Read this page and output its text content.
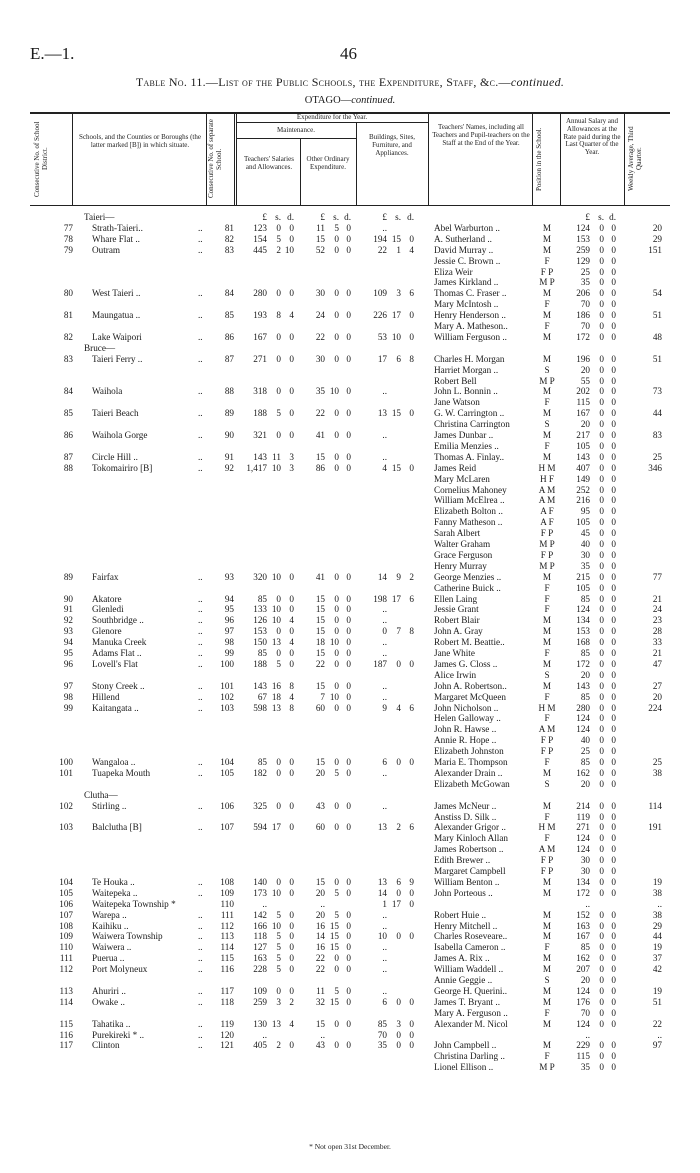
E.—1.	46
Table No. 11.—List of the Public Schools, the Expenditure, Staff, &c.—continued.
OTAGO—continued.
Consecutive No. of School District.
Schools, and the Counties or Boroughs (the latter marked [B]) in which situate.	Consecutive No. of separate School.
Expenditure for the Year.
Maintenance.
Teachers' Salaries and Allowances.
Other Ordinary Expenditure.
Buildings, Sites, Furniture, and Appliances.
Teachers' Names, including all Teachers and Pupil-teachers on the Staff at the End of the Year.	Position in the School.
Annual Salary and Allowances at the Rate paid during the Last Quarter of the Year.	Weekly Average, Third Quarter.
Taieri—	£ s. d.	£ s. d.	£ s. d.	£ s. d.
77 Strath-Taieri..	..	81	123	0 0	11	5 0	..	Abel Warburton ..	M	124	0 0	20
78 Whare Flat ..	..	82	154	5 0	15	0 0	194 15 0 A. Sutherland ..	M	153	0 0	29
79 Outram	..	83	445	2 10	52	0 0	22	1 4 David Murray ..	M	259	0 0	151
Jessie C. Brown ..	F	129	0 0
Eliza Weir	F P	25	0 0
James Kirkland ..	M P	35	0 0
80 West Taieri ..	..	84	280	0 0	30	0 0	109	3 6 Thomas C. Fraser ..	M	206	0 0	54
Mary McIntosh ..	F	70	0 0
81 Maungatua ..	..	85	193	8 4	24	0 0	226 17 0 Henry Henderson ..	M	186	0 0	51
Mary A. Matheson..	F	70	0 0
82 Lake Waipori	..	86	167	0 0	22	0 0	53 10 0 William Ferguson ..	M	172	0 0	48
Bruce—
83 Taieri Ferry ..	..	87	271	0 0	30	0 0	17	6 8 Charles H. Morgan	M	196	0 0	51
Harriet Morgan ..	S	20	0 0
Robert Bell	M P	55	0 0
84 Waihola	..	88	318	0 0	35 10 0	..	John L. Bonnin ..	M	202	0 0	73
Jane Watson	F	115	0 0
85 Taieri Beach	..	89	188	5 0	22	0 0	13 15 0 G. W. Carrington ..	M	167	0 0	44
Christina Carrington	S	20	0 0
86 Waihola Gorge	..	90	321	0 0	41	0 0	..	James Dunbar ..	M	217	0 0	83
Emilia Menzies ..	F	105	0 0
87 Circle Hill ..	..	91	143 11 3	15	0 0	..	Thomas A. Finlay..	M	143	0 0	25
88 Tokomairiro [B]	..	92	1,417 10 3	86	0 0	4 15 0 James Reid	H M	407	0 0	346
Mary McLaren	H F	149	0 0
Cornelius Mahoney	A M	252	0 0
William McElrea ..	A M	216	0 0
Elizabeth Bolton ..	A F	95	0 0
Fanny Matheson ..	A F	105	0 0
Sarah Albert	F P	45	0 0
Walter Graham	M P	40	0 0
Grace Ferguson	F P	30	0 0
Henry Murray	M P	35	0 0
89 Fairfax	..	93	320 10 0	41	0 0	14	9 2 George Menzies ..	M	215	0 0	77
Catherine Buick ..	F	105	0 0
90 Akatore	..	94	85	0 0	15	0 0	198 17 6 Ellen Laing	F	85	0 0	21
91 Glenledi	..	95	133 10 0	15	0 0	..	Jessie Grant	F	124	0 0	24
92 Southbridge ..	..	96	126 10 4	15	0 0	..	Robert Blair	M	134	0 0	23
93 Glenore	..	97	153	0 0	15	0 0	0	7 8 John A. Gray	M	153	0 0	28
94 Manuka Creek	..	98	150 13 4	18 10 0	..	Robert M. Beattie..	M	168	0 0	33
95 Adams Flat ..	..	99	85	0 0	15	0 0	..	Jane White	F	85	0 0	21
96 Lovell's Flat	..	100	188	5 0	22	0 0	187	0 0 James G. Closs ..	M	172	0 0	47
Alice Irwin	S	20	0 0
97 Stony Creek ..	..	101	143 16 8	15	0 0	..	John A. Robertson..	M	143	0 0	27
98 Hillend	..	102	67 18 4	7 10 0	..	Margaret McQueen	F	85	0 0	20
99 Kaitangata ..	..	103	598 13 8	60	0 0	9	4 6 John Nicholson ..	H M	280	0 0	224
Helen Galloway ..	F	124	0 0
John R. Hawse ..	A M	124	0 0
Annie R. Hope ..	F P	40	0 0
Elizabeth Johnston	F P	25	0 0
100 Wangaloa ..	..	104	85	0 0	15	0 0	6	0 0 Maria E. Thompson	F	85	0 0	25
101 Tuapeka Mouth	..	105	182	0 0	20	5 0	..	Alexander Drain ..	M	162	0 0	38
Elizabeth McGowan	S	20	0 0
Clutha—
102 Stirling ..	..	106	325	0 0	43	0 0	..	James McNeur ..	M	214	0 0	114
Anstiss D. Silk ..	F	119	0 0
103 Balclutha [B]	..	107	594 17 0	60	0 0	13	2 6 Alexander Grigor ..	H M	271	0 0	191
Mary Kinloch Allan	F	124	0 0
James Robertson ..	A M	124	0 0
Edith Brewer ..	F P	30	0 0
Margaret Campbell	F P	30	0 0
104 Te Houka ..	..	108	140	0 0	15	0 0	13	6 9 William Benton ..	M	134	0 0	19
105 Waitepeka ..	..	109	173 10 0	20	5 0	14	0 0 John Porteous ..	M	172	0 0	38
106 Waitepeka Township *	110	..	..	1 17 0	..	..
107 Warepa ..	..	111	142	5 0	20	5 0	..	Robert Huie ..	M	152	0 0	38
108 Kaihiku ..	..	112	166 10 0	16 15 0	..	Henry Mitchell ..	M	163	0 0	29
109 Waiwera Township	..	113	118	5 0	14 15 0	10	0 0 Charles Roseveare..	M	167	0 0	44
110 Waiwera ..	..	114	127	5 0	16 15 0	..	Isabella Cameron ..	F	85	0 0	19
111 Puerua ..	..	115	163	5 0	22	0 0	..	James A. Rix ..	M	162	0 0	37
112 Port Molyneux	..	116	228	5 0	22	0 0	..	William Waddell ..	M	207	0 0	42
Annie Geggie ..	S	20	0 0
113 Ahuriri ..	..	117	109	0 0	11	5 0	..	George H. Querini..	M	124	0 0	19
114 Owake ..	..	118	259	3 2	32 15 0	6	0 0 James T. Bryant ..	M	176	0 0	51
Mary A. Ferguson ..	F	70	0 0
115 Tahatika ..	..	119	130 13 4	15	0 0	85	3 0 Alexander M. Nicol	M	124	0 0	22
116 Purekireki * ..	..	120	..	..	70	0 0	..	..
117 Clinton	..	121	405	2 0	43	0 0	35	0 0 John Campbell ..	M	229	0 0	97
Christina Darling ..	F	115	0 0
Lionel Ellison ..	M P	35	0 0
* Not open 31st December.
